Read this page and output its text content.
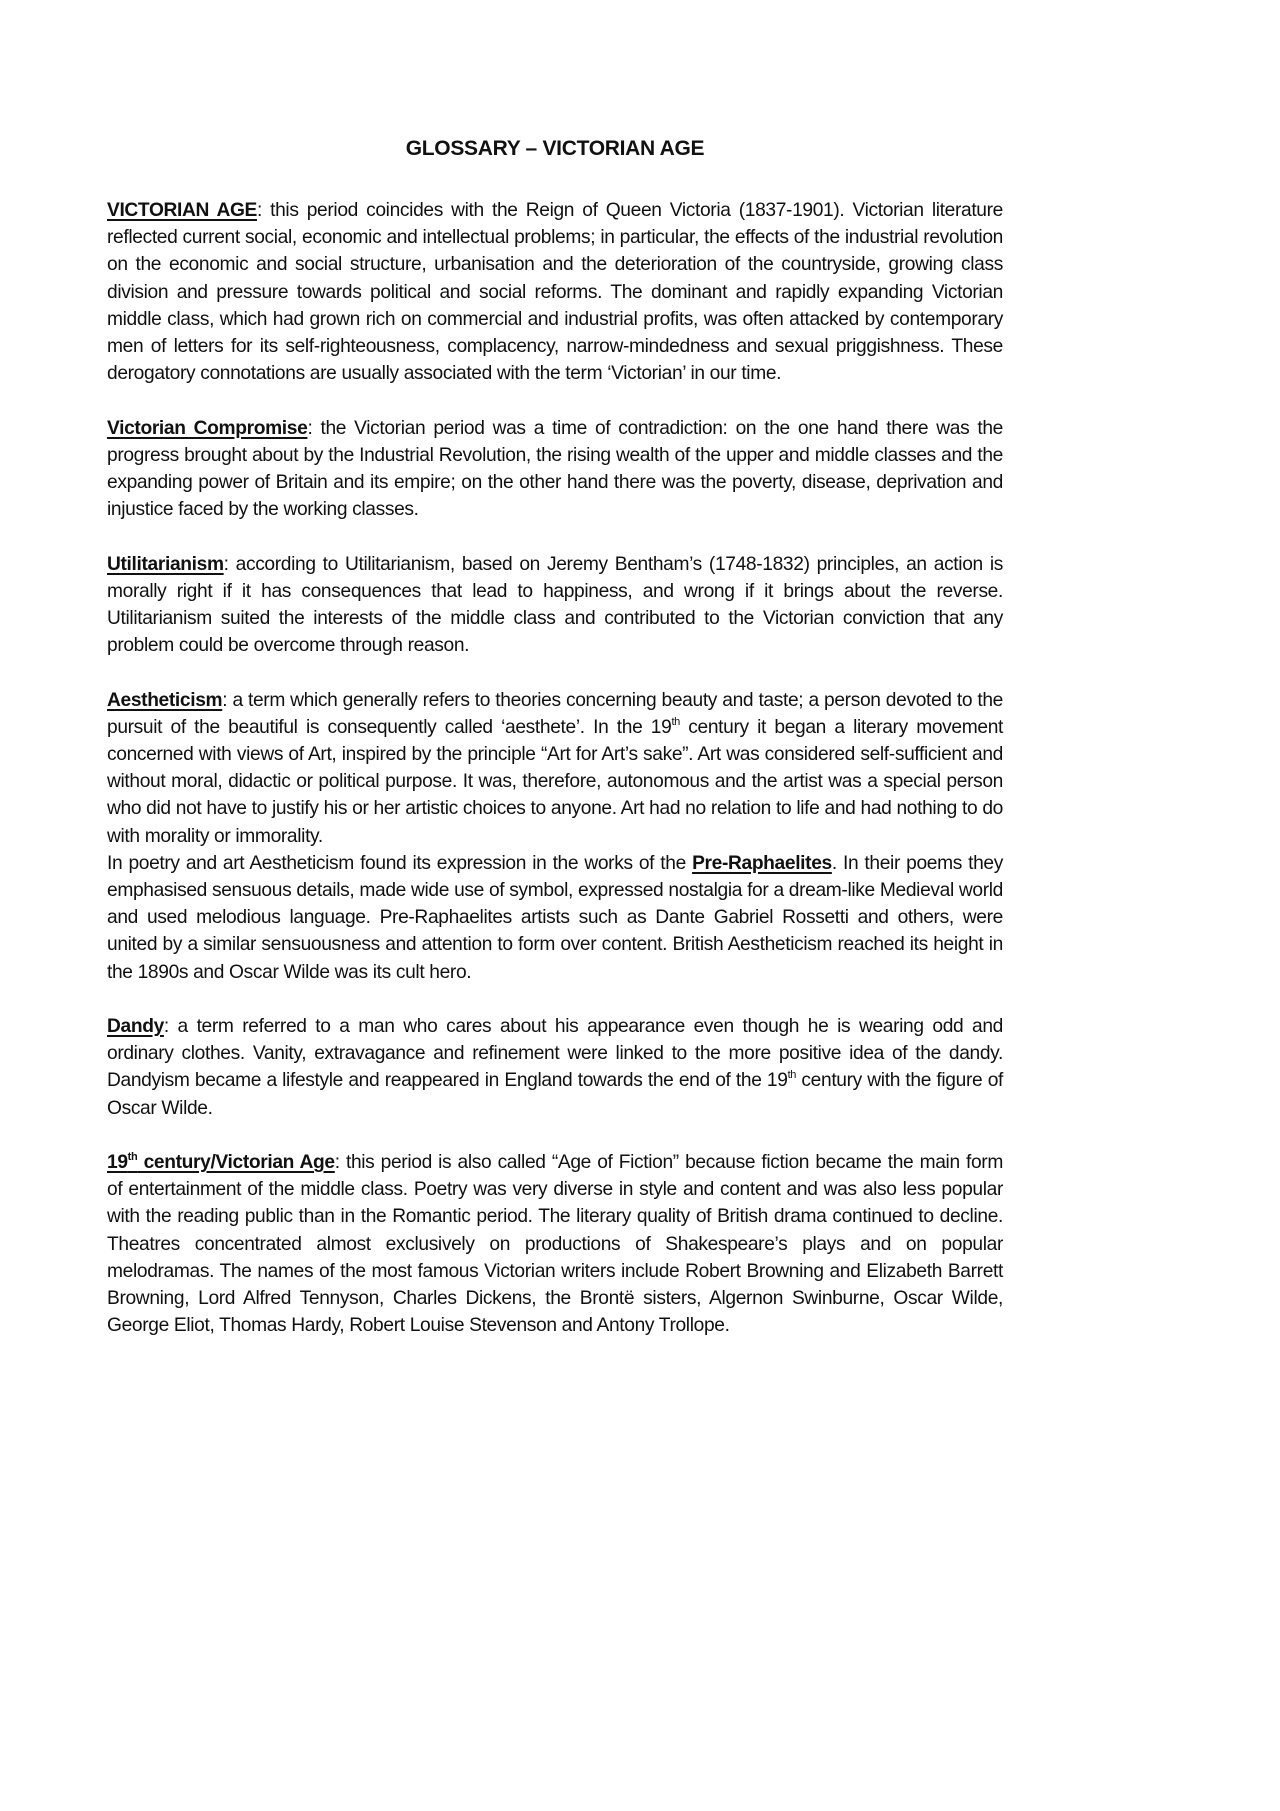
GLOSSARY – VICTORIAN AGE

VICTORIAN AGE: this period coincides with the Reign of Queen Victoria (1837-1901). Victorian literature reflected current social, economic and intellectual problems; in particular, the effects of the industrial revolution on the economic and social structure, urbanisation and the deterioration of the countryside, growing class division and pressure towards political and social reforms. The dominant and rapidly expanding Victorian middle class, which had grown rich on commercial and industrial profits, was often attacked by contemporary men of letters for its self-righteousness, complacency, narrow-mindedness and sexual priggishness. These derogatory connotations are usually associated with the term ‘Victorian’ in our time.

Victorian Compromise: the Victorian period was a time of contradiction: on the one hand there was the progress brought about by the Industrial Revolution, the rising wealth of the upper and middle classes and the expanding power of Britain and its empire; on the other hand there was the poverty, disease, deprivation and injustice faced by the working classes.

Utilitarianism: according to Utilitarianism, based on Jeremy Bentham’s (1748-1832) principles, an action is morally right if it has consequences that lead to happiness, and wrong if it brings about the reverse. Utilitarianism suited the interests of the middle class and contributed to the Victorian conviction that any problem could be overcome through reason.

Aestheticism: a term which generally refers to theories concerning beauty and taste; a person devoted to the pursuit of the beautiful is consequently called ‘aesthete’. In the 19th century it began a literary movement concerned with views of Art, inspired by the principle “Art for Art’s sake”. Art was considered self-sufficient and without moral, didactic or political purpose. It was, therefore, autonomous and the artist was a special person who did not have to justify his or her artistic choices to anyone. Art had no relation to life and had nothing to do with morality or immorality.

In poetry and art Aestheticism found its expression in the works of the Pre-Raphaelites. In their poems they emphasised sensuous details, made wide use of symbol, expressed nostalgia for a dream-like Medieval world and used melodious language. Pre-Raphaelites artists such as Dante Gabriel Rossetti and others, were united by a similar sensuousness and attention to form over content. British Aestheticism reached its height in the 1890s and Oscar Wilde was its cult hero.

Dandy: a term referred to a man who cares about his appearance even though he is wearing odd and ordinary clothes. Vanity, extravagance and refinement were linked to the more positive idea of the dandy. Dandyism became a lifestyle and reappeared in England towards the end of the 19th century with the figure of Oscar Wilde.

19th century/Victorian Age: this period is also called “Age of Fiction” because fiction became the main form of entertainment of the middle class. Poetry was very diverse in style and content and was also less popular with the reading public than in the Romantic period. The literary quality of British drama continued to decline. Theatres concentrated almost exclusively on productions of Shakespeare’s plays and on popular melodramas. The names of the most famous Victorian writers include Robert Browning and Elizabeth Barrett Browning, Lord Alfred Tennyson, Charles Dickens, the Brontë sisters, Algernon Swinburne, Oscar Wilde, George Eliot, Thomas Hardy, Robert Louise Stevenson and Antony Trollope.
